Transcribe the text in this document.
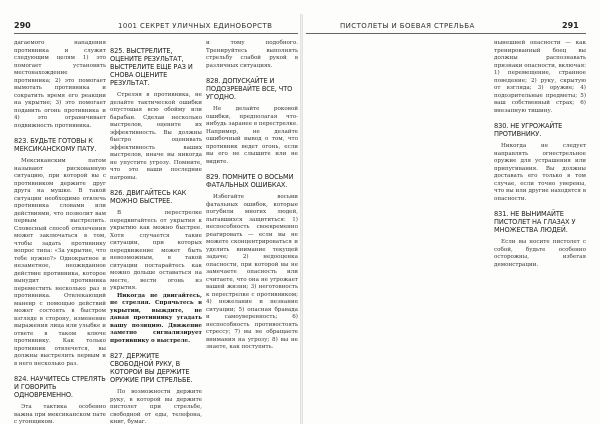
290	1001 СЕКРЕТ УЛИЧНЫХ ЕДИНОБОРСТВ	ПИСТОЛЕТЫ И БОЕВАЯ СТРЕЛЬБА	291
дагаемого нападения противника и служит следующим целям 1) это помогает установить местонахождение противника; 2) это помогает вымотать противника и сократить время его реакции на укрытие; 3) это помогает подавить огонь противника и 4) это ограничивает подвижность противника.
823. БУДЬТЕ ГОТОВЫ К МЕКСИКАНСКОМУ ПАТУ.
Мексиканским патом называют рискованную ситуацию, при которой вы с противником держите друг друга на мушке. В такой ситуации необходимо отвлечь противника словами или действиями, что позволит вам первым выстрелить. Словесный способ отвлечения может заключаться в том, чтобы задать противнику вопрос типа: «За укрытие, что тебе нужно?» Однократное и незаметное, неожиданное действие противника, которое вынудит противника переместить несколько раз в противника. Отвлекающий маневр с помощью действий может состоять в быстром взгляде в сторону, изменение выражения лица или улыбке и ответе в таком ключе противнику. Как только противник отвлечется, вы должны выстрелить первым и в него несколько раз.
824. НАУЧИТЕСЬ СТРЕЛЯТЬ И ГОВОРИТЬ ОДНОВРЕМЕННО.
Эта тактика особенно важна при мексиканском пате с угонщиком.
825. ВЫСТРЕЛИТЕ, ОЦЕНИТЕ РЕЗУЛЬТАТ, ВЫСТРЕЛИТЕ ЕЩЕ РАЗ И СНОВА ОЦЕНИТЕ РЕЗУЛЬТАТ.
Стреляя в противника, не делайте тактической ошибки опустошая всю обойму или барабан. Сделав несколько выстрелов, оцените их эффективность. Вы должны быстро оценивать эффективность ваших выстрелов, иначе вы никогда не упустите угрозу. Помните, что это ваши последние патроны.
826. ДВИГАЙТЕСЬ КАК МОЖНО БЫСТРЕЕ.
В перестрелке передвигайтесь от укрытия к укрытию как можно быстрее. Хотя случается такие ситуации, при которых передвижение может быть невозможным, в такой ситуации постарайтесь как можно дольше оставаться на месте, вести огонь из укрытия.
Никогда не двигайтесь, не стреляя. Спрячьтесь в укрытии, выждите, не давая противнику угадать вашу позицию. Движение заметно сигнализирует противнику о выстреле.
827. ДЕРЖИТЕ СВОБОДНОЙ РУКУ, В КОТОРОЙ ВЫ ДЕРЖИТЕ ОРУЖИЕ ПРИ СТРЕЛЬБЕ.
По возможности держите руку, в которой вы держите пистолет при стрельбе, свободной от еды, телефона, книг, бумаг.
и тому подобного. Тренируйтесь выполнять стрельбу слабой рукой в различных ситуациях.
828. ДОПУСКАЙТЕ И ПОДОЗРЕВАЙТЕ ВСЕ, ЧТО УГОДНО.
Не делайте роковой ошибки, предполагая что-нибудь заранее в перестрелке. Например, не делайте ошибочный вывод о том, что противник ведет огонь, если вы его не слышите или не видите.
829. ПОМНИТЕ О ВОСЬМИ ФАТАЛЬНЫХ ОШИБКАХ.
Избегайте восьми фатальных ошибок, которые погубили многих людей, пытавшихся защититься: 1) неспособность своевременно реагировать — если вы не можете сконцентрироваться и уделить внимание текущей задаче; 2) недооценка опасности, при которой вы не замечаете опасность или считаете, что она не угрожает вашей жизни; 3) неготовность к перестрелке с противником; 4) нежелание и незнание ситуации; 5) опасная бравада и самоуверенность; 6) неспособность противостоять стрессу; 7) вы не обращаете внимания на угрозу; 8) вы не знаете, как поступить.
нынешней опасности — как тренированный боец вы должны распознавать признаки опасности, включая: 1) перемещение, странное поведение; 2) руку, скрытую от взгляда; 3) оружие; 4) подозрительные предметы; 5) ваш собственный страх; 6) внезапную тишину.
830. НЕ УГРОЖАЙТЕ ПРОТИВНИКУ.
Никогда не следует направлять огнестрельное оружие для устрашения или припугивания. Вы должны доставать его только в том случае, если точно уверены, что вы или другие находятся в опасности.
831. НЕ ВЫНИМАЙТЕ ПИСТОЛЕТ НА ГЛАЗАХ У МНОЖЕСТВА ЛЮДЕЙ.
Если вы носите пистолет с собой, будьте особенно осторожны, избегая демонстрации.
